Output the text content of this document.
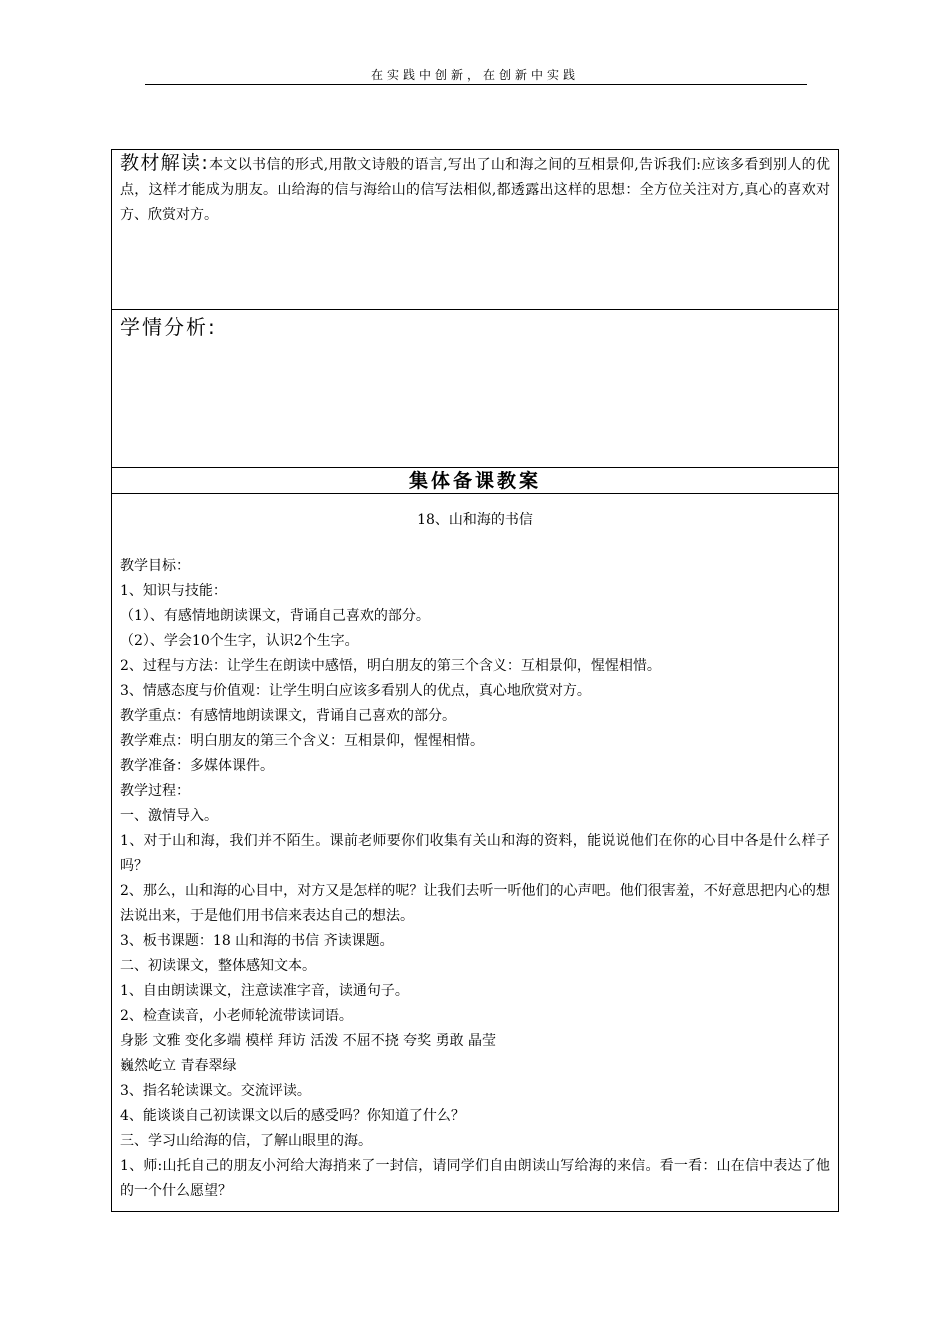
在实践中创新，在创新中实践
教材解读:本文以书信的形式,用散文诗般的语言,写出了山和海之间的互相景仰,告诉我们:应该多看到别人的优点，这样才能成为朋友。山给海的信与海给山的信写法相似,都透露出这样的思想：全方位关注对方,真心的喜欢对方、欣赏对方。
学情分析:
集体备课教案
18、山和海的书信

教学目标：

1、知识与技能：

（1）、有感情地朗读课文，背诵自己喜欢的部分。

（2）、学会10个生字，认识2个生字。

2、过程与方法：让学生在朗读中感悟，明白朋友的第三个含义：互相景仰，惺惺相惜。

3、情感态度与价值观：让学生明白应该多看别人的优点，真心地欣赏对方。

教学重点：有感情地朗读课文，背诵自己喜欢的部分。

教学难点：明白朋友的第三个含义：互相景仰，惺惺相惜。

教学准备：多媒体课件。

教学过程：

一、激情导入。

1、对于山和海，我们并不陌生。课前老师要你们收集有关山和海的资料，能说说他们在你的心目中各是什么样子吗？

2、那么，山和海的心目中，对方又是怎样的呢？让我们去听一听他们的心声吧。他们很害羞，不好意思把内心的想法说出来，于是他们用书信来表达自己的想法。

3、板书课题：18 山和海的书信 齐读课题。

二、初读课文，整体感知文本。

1、自由朗读课文，注意读准字音，读通句子。

2、检查读音，小老师轮流带读词语。

身影 文雅 变化多端 模样 拜访 活泼 不屈不挠 夸奖 勇敢 晶莹

巍然屹立 青春翠绿

3、指名轮读课文。交流评读。

4、能谈谈自己初读课文以后的感受吗？你知道了什么？

三、学习山给海的信，了解山眼里的海。

1、师:山托自己的朋友小河给大海捎来了一封信，请同学们自由朗读山写给海的来信。看一看：山在信中表达了他的一个什么愿望？
